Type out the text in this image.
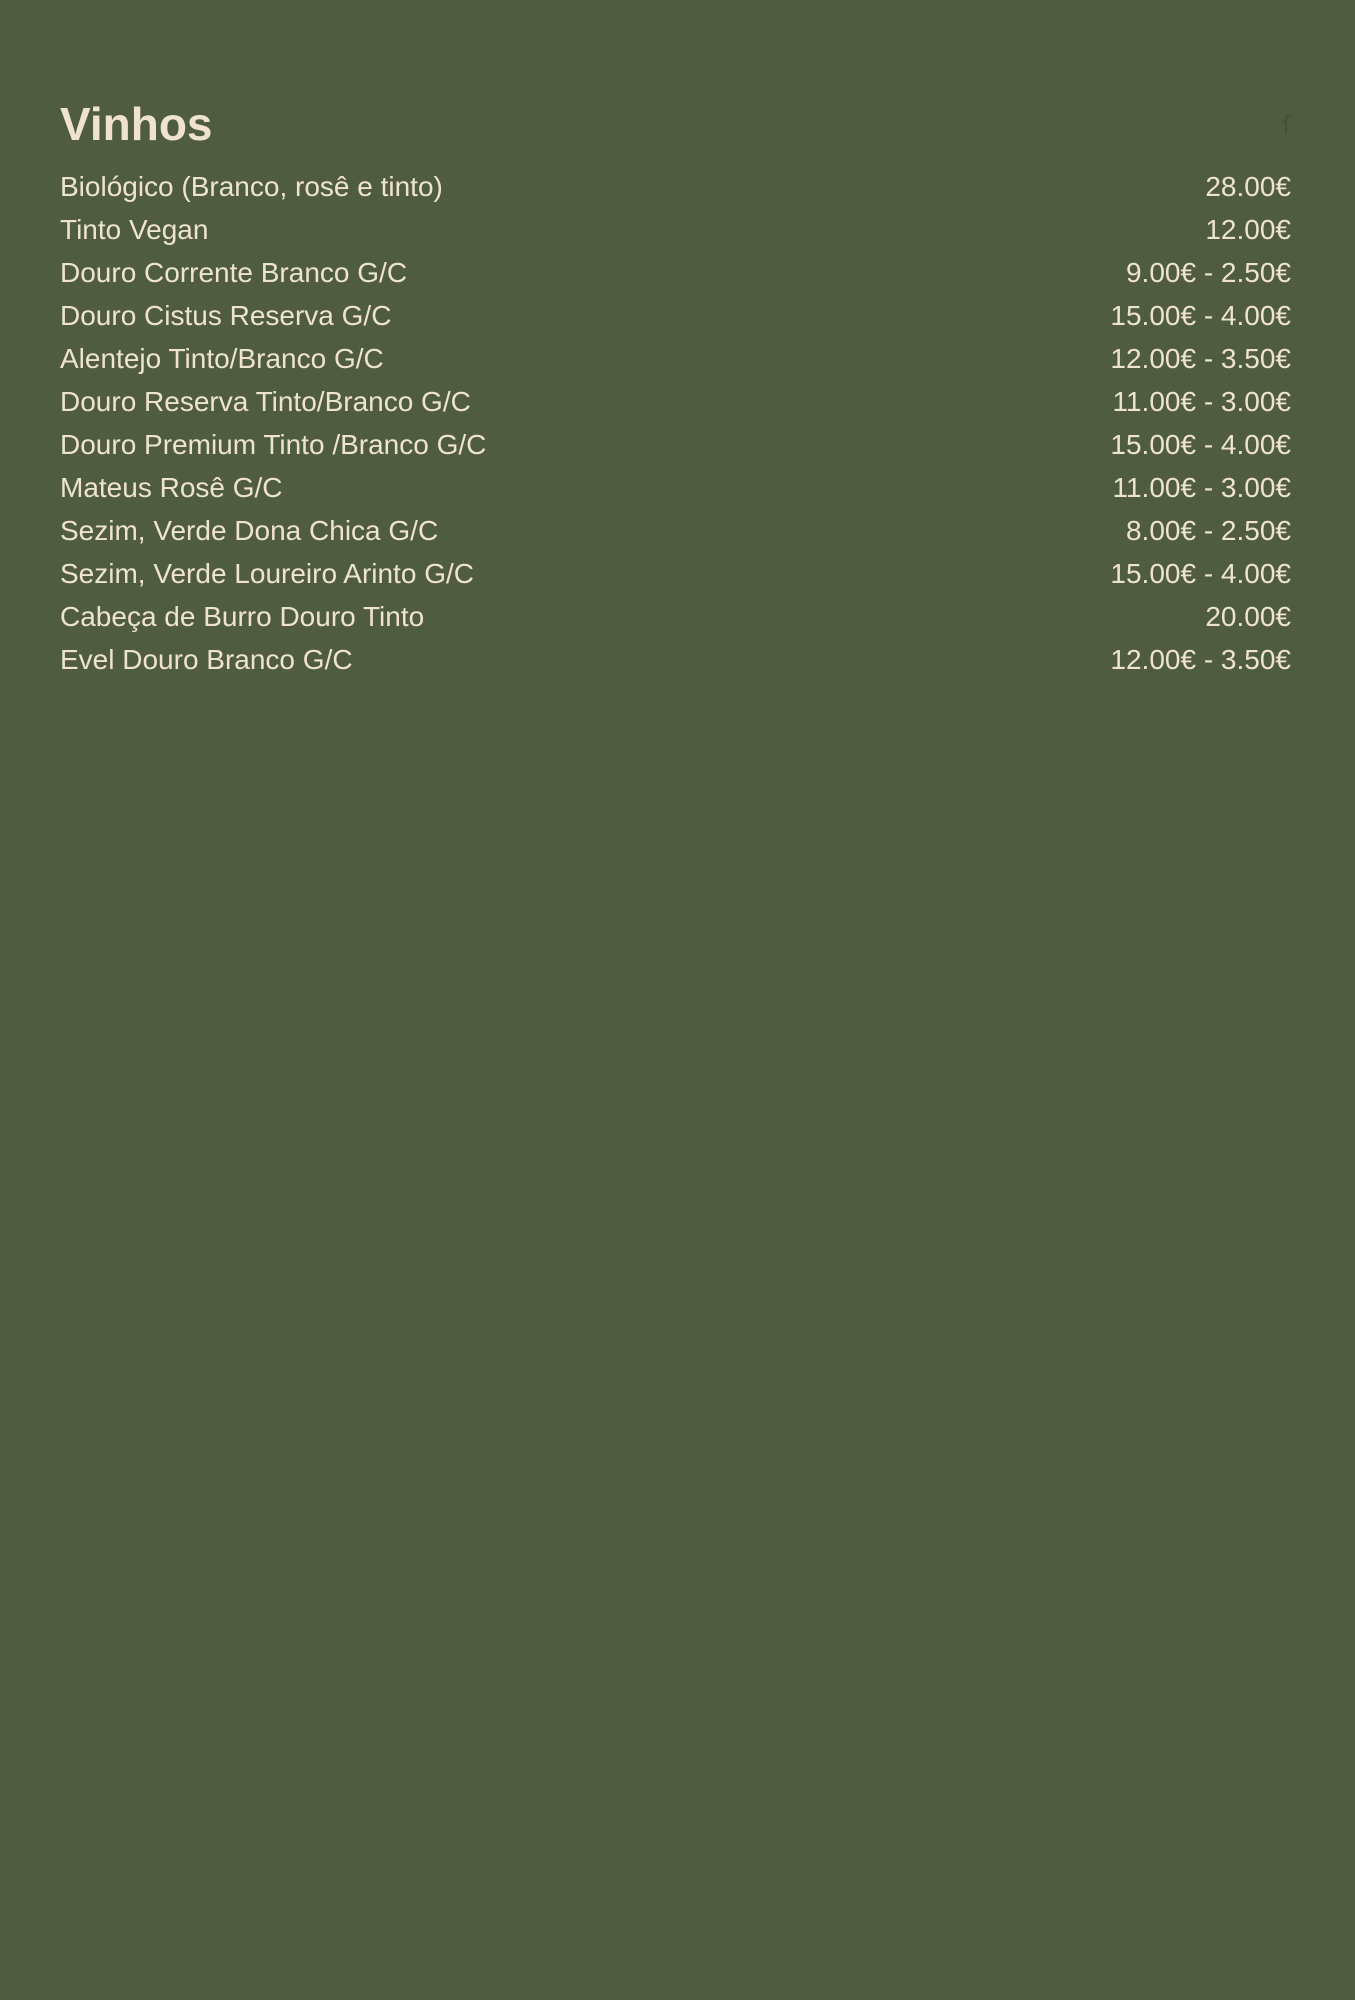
Vinhos	ſ
Biológico (Branco, rosê e tinto)	28.00€
Tinto Vegan	12.00€
Douro Corrente Branco G/C	9.00€ - 2.50€
Douro Cistus Reserva G/C	15.00€ - 4.00€
Alentejo Tinto/Branco G/C	12.00€ - 3.50€
Douro Reserva Tinto/Branco G/C	11.00€ - 3.00€
Douro Premium Tinto /Branco G/C	15.00€ - 4.00€
Mateus Rosê G/C	11.00€ - 3.00€
Sezim, Verde Dona Chica G/C	8.00€ - 2.50€
Sezim, Verde Loureiro Arinto G/C	15.00€ - 4.00€
Cabeça de Burro Douro Tinto	20.00€
Evel Douro Branco G/C	12.00€ - 3.50€
